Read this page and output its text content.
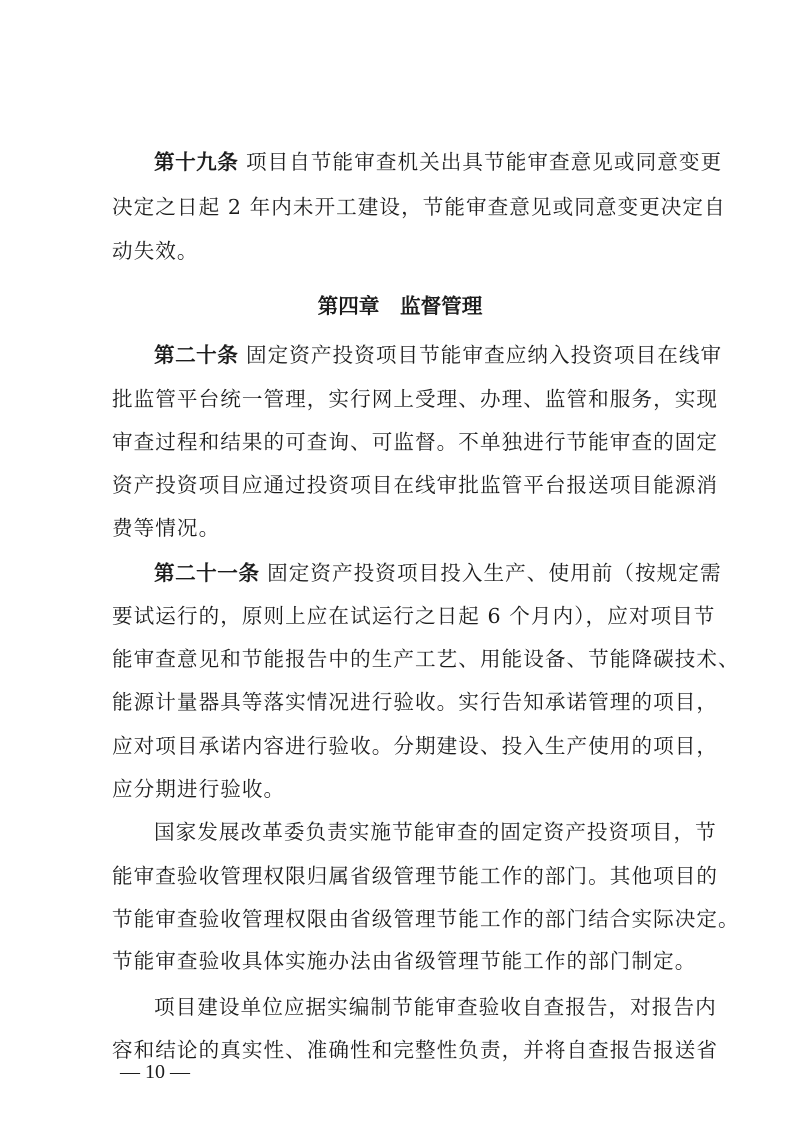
第十九条 项目自节能审查机关出具节能审查意见或同意变更
决定之日起 2 年内未开工建设，节能审查意见或同意变更决定自
动失效。
第四章　监督管理
第二十条 固定资产投资项目节能审查应纳入投资项目在线审
批监管平台统一管理，实行网上受理、办理、监管和服务，实现
审查过程和结果的可查询、可监督。不单独进行节能审查的固定
资产投资项目应通过投资项目在线审批监管平台报送项目能源消
费等情况。
第二十一条 固定资产投资项目投入生产、使用前（按规定需
要试运行的，原则上应在试运行之日起 6 个月内），应对项目节
能审查意见和节能报告中的生产工艺、用能设备、节能降碳技术、
能源计量器具等落实情况进行验收。实行告知承诺管理的项目，
应对项目承诺内容进行验收。分期建设、投入生产使用的项目，
应分期进行验收。
国家发展改革委负责实施节能审查的固定资产投资项目，节
能审查验收管理权限归属省级管理节能工作的部门。其他项目的
节能审查验收管理权限由省级管理节能工作的部门结合实际决定。
节能审查验收具体实施办法由省级管理节能工作的部门制定。
项目建设单位应据实编制节能审查验收自查报告，对报告内
容和结论的真实性、准确性和完整性负责，并将自查报告报送省
— 10 —
